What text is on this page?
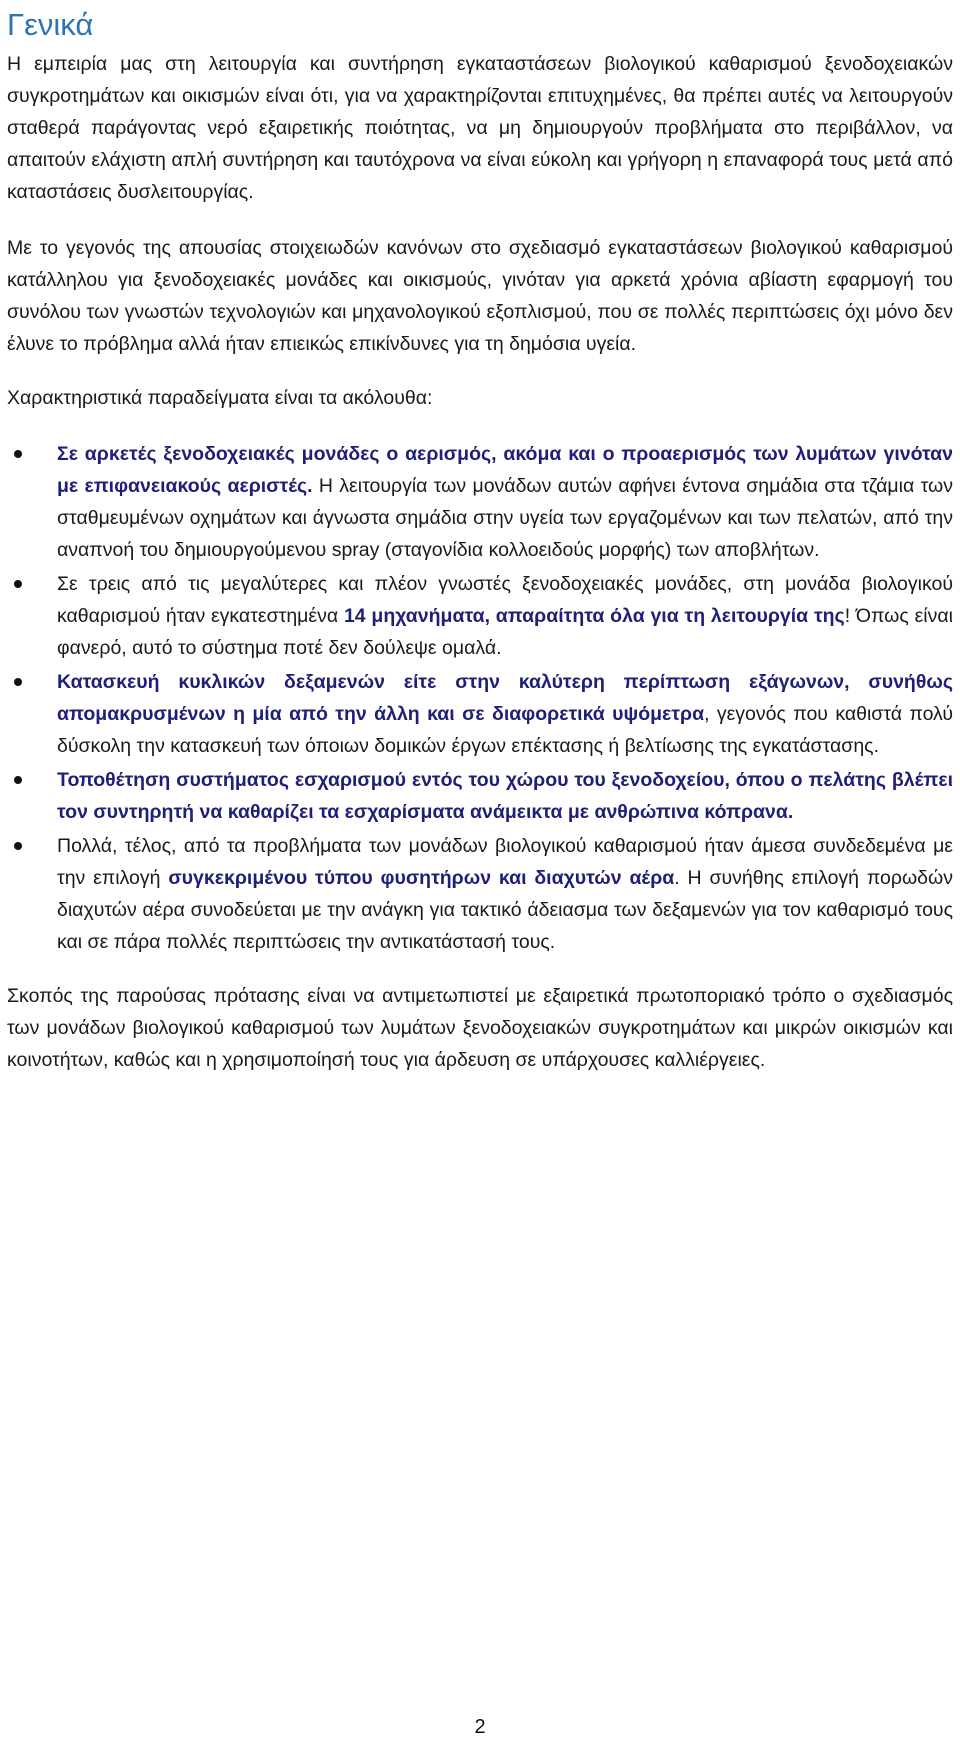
Γενικά

Η εμπειρία μας στη λειτουργία και συντήρηση εγκαταστάσεων βιολογικού καθαρισμού ξενοδοχειακών συγκροτημάτων και οικισμών είναι ότι, για να χαρακτηρίζονται επιτυχημένες, θα πρέπει αυτές να λειτουργούν σταθερά παράγοντας νερό εξαιρετικής ποιότητας, να μη δημιουργούν προβλήματα στο περιβάλλον, να απαιτούν ελάχιστη απλή συντήρηση και ταυτόχρονα να είναι εύκολη και γρήγορη η επαναφορά τους μετά από καταστάσεις δυσλειτουργίας.

Με το γεγονός της απουσίας στοιχειωδών κανόνων στο σχεδιασμό εγκαταστάσεων βιολογικού καθαρισμού κατάλληλου για ξενοδοχειακές μονάδες και οικισμούς, γινόταν για αρκετά χρόνια αβίαστη εφαρμογή του συνόλου των γνωστών τεχνολογιών και μηχανολογικού εξοπλισμού, που σε πολλές περιπτώσεις όχι μόνο δεν έλυνε το πρόβλημα αλλά ήταν επιεικώς επικίνδυνες για τη δημόσια υγεία.

Χαρακτηριστικά παραδείγματα είναι τα ακόλουθα:

Σε αρκετές ξενοδοχειακές μονάδες ο αερισμός, ακόμα και ο προαερισμός των λυμάτων γινόταν με επιφανειακούς αεριστές. Η λειτουργία των μονάδων αυτών αφήνει έντονα σημάδια στα τζάμια των σταθμευμένων οχημάτων και άγνωστα σημάδια στην υγεία των εργαζομένων και των πελατών, από την αναπνοή του δημιουργούμενου spray (σταγονίδια κολλοειδούς μορφής) των αποβλήτων.
Σε τρεις από τις μεγαλύτερες και πλέον γνωστές ξενοδοχειακές μονάδες, στη μονάδα βιολογικού καθαρισμού ήταν εγκατεστημένα 14 μηχανήματα, απαραίτητα όλα για τη λειτουργία της! Όπως είναι φανερό, αυτό το σύστημα ποτέ δεν δούλεψε ομαλά.
Κατασκευή κυκλικών δεξαμενών είτε στην καλύτερη περίπτωση εξάγωνων, συνήθως απομακρυσμένων η μία από την άλλη και σε διαφορετικά υψόμετρα, γεγονός που καθιστά πολύ δύσκολη την κατασκευή των όποιων δομικών έργων επέκτασης ή βελτίωσης της εγκατάστασης.
Τοποθέτηση συστήματος εσχαρισμού εντός του χώρου του ξενοδοχείου, όπου ο πελάτης βλέπει τον συντηρητή να καθαρίζει τα εσχαρίσματα ανάμεικτα με ανθρώπινα κόπρανα.
Πολλά, τέλος, από τα προβλήματα των μονάδων βιολογικού καθαρισμού ήταν άμεσα συνδεδεμένα με την επιλογή συγκεκριμένου τύπου φυσητήρων και διαχυτών αέρα. Η συνήθης επιλογή πορωδών διαχυτών αέρα συνοδεύεται με την ανάγκη για τακτικό άδειασμα των δεξαμενών για τον καθαρισμό τους και σε πάρα πολλές περιπτώσεις την αντικατάστασή τους.

Σκοπός της παρούσας πρότασης είναι να αντιμετωπιστεί με εξαιρετικά πρωτοποριακό τρόπο ο σχεδιασμός των μονάδων βιολογικού καθαρισμού των λυμάτων ξενοδοχειακών συγκροτημάτων και μικρών οικισμών και κοινοτήτων, καθώς και η χρησιμοποίησή τους για άρδευση σε υπάρχουσες καλλιέργειες.

2
